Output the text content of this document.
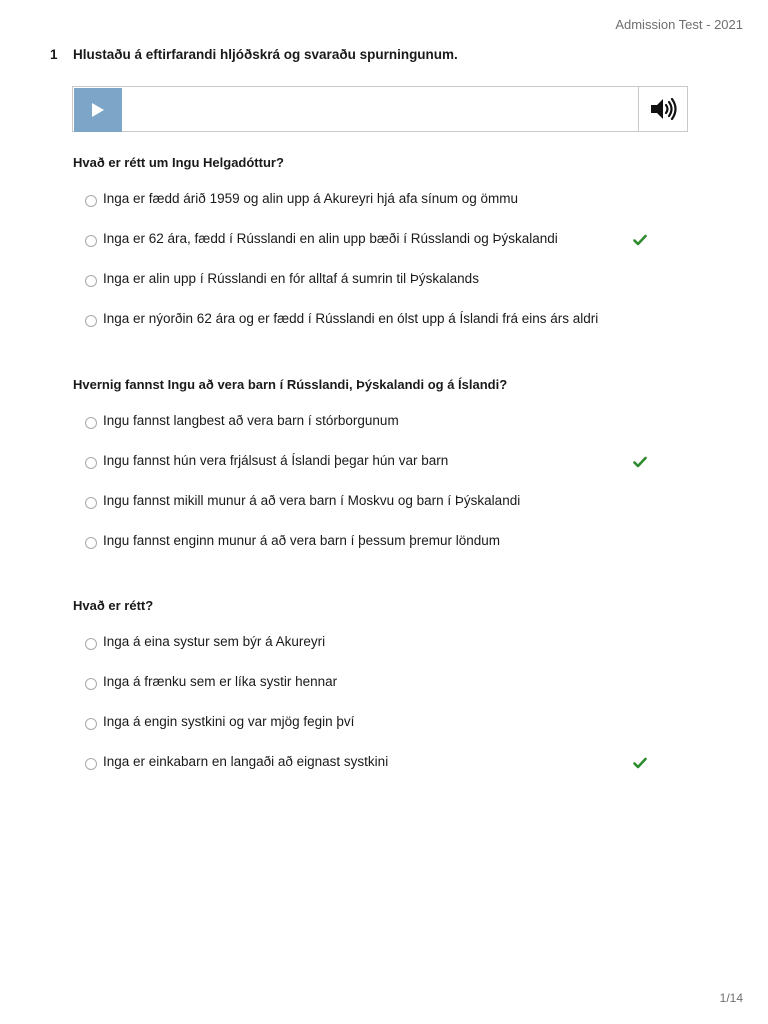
Admission Test - 2021
1 Hlustaðu á eftirfarandi hljóðskrá og svaraðu spurningunum.
Hvað er rétt um Ingu Helgadóttur?
Inga er fædd árið 1959 og alin upp á Akureyri hjá afa sínum og ömmu
Inga er 62 ára, fædd í Rússlandi en alin upp bæði í Rússlandi og Þýskalandi
Inga er alin upp í Rússlandi en fór alltaf á sumrin til Þýskalands
Inga er nýorðin 62 ára og er fædd í Rússlandi en ólst upp á Íslandi frá eins árs aldri
Hvernig fannst Ingu að vera barn í Rússlandi, Þýskalandi og á Íslandi?
Ingu fannst langbest að vera barn í stórborgunum
Ingu fannst hún vera frjálsust á Íslandi þegar hún var barn
Ingu fannst mikill munur á að vera barn í Moskvu og barn í Þýskalandi
Ingu fannst enginn munur á að vera barn í þessum þremur löndum
Hvað er rétt?
Inga á eina systur sem býr á Akureyri
Inga á frænku sem er líka systir hennar
Inga á engin systkini og var mjög fegin því
Inga er einkabarn en langaði að eignast systkini
1/14
